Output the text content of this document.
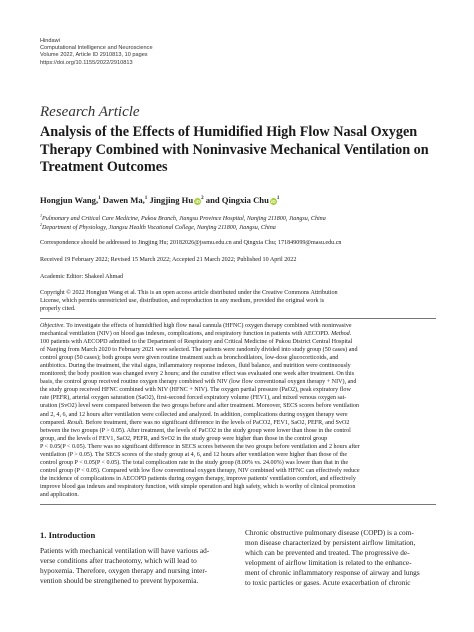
Hindawi
Computational Intelligence and Neuroscience
Volume 2022, Article ID 2910813, 10 pages
https://doi.org/10.1155/2022/2910813
Research Article
Analysis of the Effects of Humidified High Flow Nasal Oxygen
Therapy Combined with Noninvasive Mechanical Ventilation on
Treatment Outcomes
Hongjun Wang,$^1$ Dawen Ma,$^1$ Jingjing Hu $iD^2$ and Qingxia Chu $iD^1$
$^1$Pulmonary and Critical Care Medicine, Pukou Branch, Jiangsu Province Hospital, Nanjing 211800, Jiangsu, China
$^2$Department of Physiology, Jiangsu Health Vocational College, Nanjing 211800, Jiangsu, China
Correspondence should be addressed to Jingjing Hu; 20182026@jssmu.edu.cn and Qingxia Chu; 171849099@masu.edu.cn
Received 19 February 2022; Revised 15 March 2022; Accepted 21 March 2022; Published 10 April 2022
Academic Editor: Shakeel Ahmad
Copyright © 2022 Hongjun Wang et al. This is an open access article distributed under the Creative Commons Attribution
License, which permits unrestricted use, distribution, and reproduction in any medium, provided the original work is
properly cited.
Objective. To investigate the effects of humidified high flow nasal cannula (HFNC) oxygen therapy combined with noninvasive
mechanical ventilation (NIV) on blood gas indexes, complications, and respiratory function in patients with AECOPD. Method.
100 patients with AECOPD admitted to the Department of Respiratory and Critical Medicine of Pukou District Central Hospital
of Nanjing from March 2020 to February 2021 were selected. The patients were randomly divided into study group (50 cases) and
control group (50 cases); both groups were given routine treatment such as bronchodilators, low-dose glucocorticoids, and
antibiotics. During the treatment, the vital signs, inflammatory response indexes, fluid balance, and nutrition were continuously
monitored; the body position was changed every 2 hours; and the curative effect was evaluated one week after treatment. On this
basis, the control group received routine oxygen therapy combined with NIV (low flow conventional oxygen therapy + NIV), and
the study group received HFNC combined with NIV (HFNC + NIV). The oxygen partial pressure (PaO2), peak expiratory flow
rate (PEFR), arterial oxygen saturation (SaO2), first-second forced expiratory volume (FEV1), and mixed venous oxygen sat-
uration (SvO2) level were compared between the two groups before and after treatment. Moreover, SECS scores before ventilation
and 2, 4, 6, and 12 hours after ventilation were collected and analyzed. In addition, complications during oxygen therapy were
compared. Result. Before treatment, there was no significant difference in the levels of PaCO2, FEV1, SaO2, PEFR, and SvO2
between the two groups (P > 0.05). After treatment, the levels of PaCO2 in the study group were lower than those in the control
group, and the levels of FEV1, SaO2, PEFR, and SvO2 in the study group were higher than those in the control group
P < 0.05(P < 0.05). There was no significant difference in SECS scores between the two groups before ventilation and 2 hours after
ventilation (P > 0.05). The SECS scores of the study group at 4, 6, and 12 hours after ventilation were higher than those of the
control group P < 0.05(P < 0.05). The total complication rate in the study group (8.00% vs. 24.00%) was lower than that in the
control group (P < 0.05). Compared with low flow conventional oxygen therapy, NIV combined with HFNC can effectively reduce
the incidence of complications in AECOPD patients during oxygen therapy, improve patients' ventilation comfort, and effectively
improve blood gas indexes and respiratory function, with simple operation and high safety, which is worthy of clinical promotion
and application.
1. Introduction
Patients with mechanical ventilation will have various ad-
verse conditions after tracheotomy, which will lead to
hypoxemia. Therefore, oxygen therapy and nursing inter-
vention should be strengthened to prevent hypoxemia.
Chronic obstructive pulmonary disease (COPD) is a com-
mon disease characterized by persistent airflow limitation,
which can be prevented and treated. The progressive de-
velopment of airflow limitation is related to the enhance-
ment of chronic inflammatory response of airway and lungs
to toxic particles or gases. Acute exacerbation of chronic
